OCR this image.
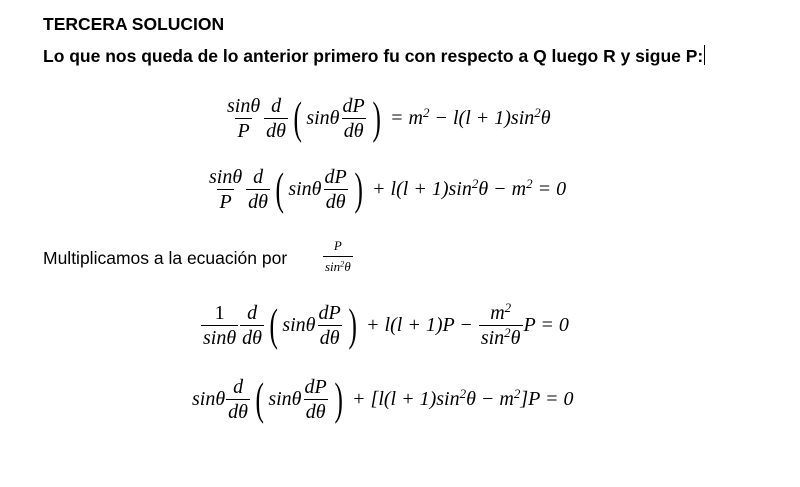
TERCERA SOLUCION
Lo que nos queda de lo anterior primero fu con respecto a Q luego R y sigue P:
$\frac{\sin\theta}{P} \frac{d}{d\theta}$ ( sinθ $\frac{dP}{d\theta}$ ) = $m^2 - l(l + 1)\sin^2\theta$
$\frac{\sin\theta}{P} \frac{d}{d\theta}$ ( sinθ $\frac{dP}{d\theta}$ ) + $l(l + 1)\sin^2\theta - m^2 = 0$
Multiplicamos a la ecuación por	$\frac{P}{\sin^2\theta}$
$\frac{1}{\sin\theta} \frac{d}{d\theta}$ ( sinθ $\frac{dP}{d\theta}$ ) + $l(l + 1)P - \frac{m^2}{\sin^2\theta}$ P = 0
sinθ $\frac{d}{d\theta}$ ( sinθ $\frac{dP}{d\theta}$ ) + $[l(l + 1)\sin^2\theta - m^2]P = 0$
